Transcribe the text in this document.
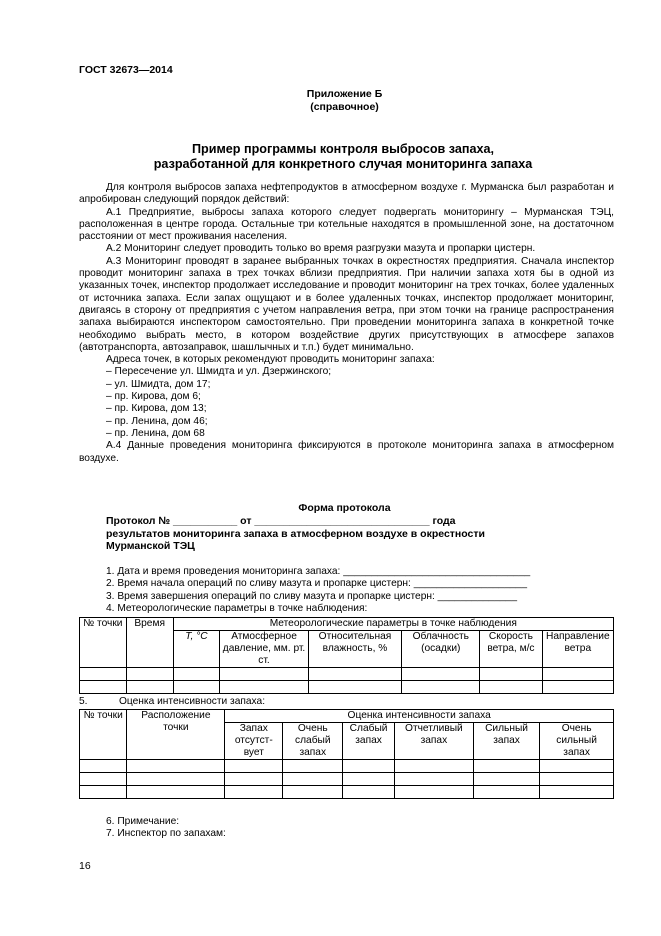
ГОСТ 32673—2014
Приложение Б
(справочное)
Пример программы контроля выбросов запаха,
разработанной для конкретного случая мониторинга запаха

Для контроля выбросов запаха нефтепродуктов в атмосферном воздухе г. Мурманска был разработан и апробирован следующий порядок действий:

А.1 Предприятие, выбросы запаха которого следует подвергать мониторингу – Мурманская ТЭЦ, расположенная в центре города. Остальные три котельные находятся в промышленной зоне, на достаточном расстоянии от мест проживания населения.

А.2 Мониторинг следует проводить только во время разгрузки мазута и пропарки цистерн.

А.3 Мониторинг проводят в заранее выбранных точках в окрестностях предприятия. Сначала инспектор проводит мониторинг запаха в трех точках вблизи предприятия. При наличии запаха хотя бы в одной из указанных точек, инспектор продолжает исследование и проводит мониторинг на трех точках, более удаленных от источника запаха. Если запах ощущают и в более удаленных точках, инспектор продолжает мониторинг, двигаясь в сторону от предприятия с учетом направления ветра, при этом точки на границе распространения запаха выбираются инспектором самостоятельно. При проведении мониторинга запаха в конкретной точке необходимо выбрать место, в котором воздействие других присутствующих в атмосфере запахов (автотранспорта, автозаправок, шашлычных и т.п.) будет минимально.

Адреса точек, в которых рекомендуют проводить мониторинг запаха:

– Пересечение ул. Шмидта и ул. Дзержинского;
– ул. Шмидта, дом 17;
– пр. Кирова, дом 6;
– пр. Кирова, дом 13;
– пр. Ленина, дом 46;
– пр. Ленина, дом 68

А.4 Данные проведения мониторинга фиксируются в протоколе мониторинга запаха в атмосферном воздухе.

Форма протокола
Протокол № ___________ от ______________________________ года
результатов мониторинга запаха в атмосферном воздухе в окрестности
Мурманской ТЭЦ
1. Дата и время проведения мониторинга запаха: _________________________________
2. Время начала операций по сливу мазута и пропарке цистерн: ____________________
3. Время завершения операций по сливу мазута и пропарке цистерн: ______________
4. Метеорологические параметры в точке наблюдения:
№ точки	Время	Метеорологические параметры в точке наблюдения					
		T, °С	Атмосферное давление, мм. рт. ст.	Относительная влажность, %	Облачность (осадки)	Скорость ветра, м/с	Направление ветра

5.	Оценка интенсивности запаха:
№ точки	Расположение точки	Оценка интенсивности запаха					
		Запах отсутст-вует	Очень слабый запах	Слабый запах	Отчетливый запах	Сильный запах	Очень сильный запах

6. Примечание:
7. Инспектор по запахам:
16
